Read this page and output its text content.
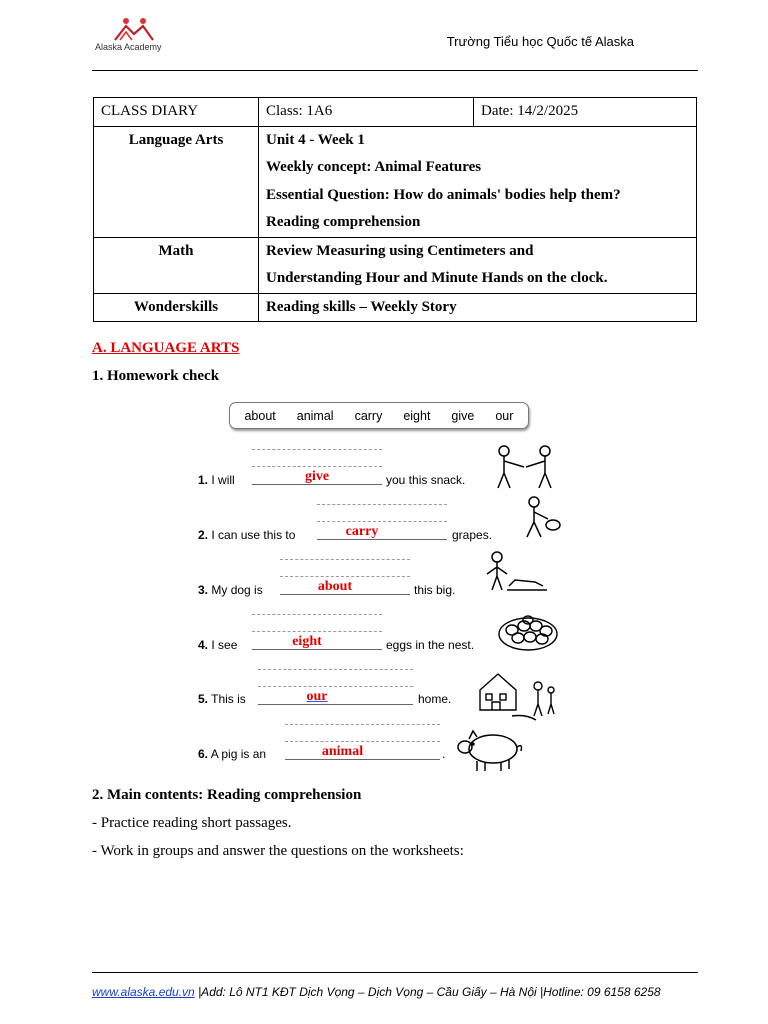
Alaska Academy	Trường Tiểu học Quốc tế Alaska
CLASS DIARY	Class: 1A6	Date: 14/2/2025
Language Arts	Unit 4 - Week 1
Weekly concept: Animal Features
Essential Question: How do animals' bodies help them?
Reading comprehension	

Math	Review Measuring using Centimeters and
Understanding Hour and Minute Hands on the clock.	

Wonderskills	Reading skills – Weekly Story	
A. LANGUAGE ARTS
1. Homework check
about animal carry eight give our
1. I will	give	you this snack.
2. I can use this to	carry	grapes.
3. My dog is	about	this big.
4. I see	eight	eggs in the nest.
5. This is	our	home.
6. A pig is an	animal	.
2. Main contents: Reading comprehension
- Practice reading short passages.
- Work in groups and answer the questions on the worksheets:
www.alaska.edu.vn |Add: Lô NT1 KĐT Dịch Vọng – Dịch Vọng – Cầu Giấy – Hà Nội |Hotline: 09 6158 6258
